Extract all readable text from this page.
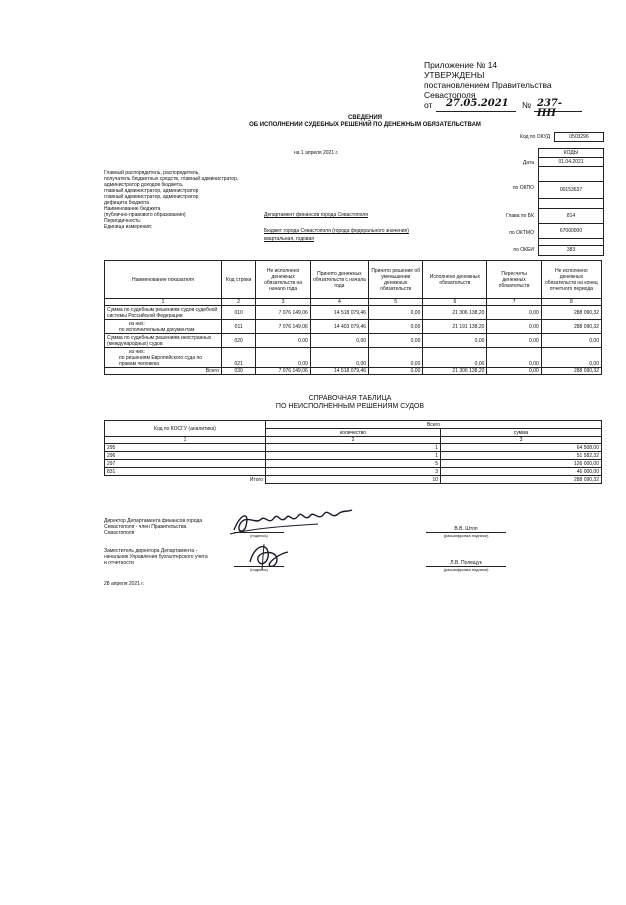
Приложение № 14
УТВЕРЖДЕНЫ
постановлением Правительства
Севастополя
от 27.05.2021 № 237-ПП
СВЕДЕНИЯ
ОБ ИСПОЛНЕНИИ СУДЕБНЫХ РЕШЕНИЙ ПО ДЕНЕЖНЫМ ОБЯЗАТЕЛЬСТВАМ
на 1 апреля 2021 г.
Код по ОКУД	0503296
КОДЫ
Дата	01.04.2021
по ОКПО	00153637
Глава по БК	814
по ОКТМО	67000000
по ОКЕИ	383
Главный распорядитель, распорядитель,
получатель бюджетных средств, главный администратор,
администратор доходов бюджета,
главный администратор, администратор
главный администратор, администратор
дефицита бюджета
Наименование бюджета
(публично-правового образования)
Периодичность:
Единица измерения:
Департамент финансов города Севастополя
Бюджет города Севастополя (города федерального значения)
квартальная, годовая
Наименование показателя	Код строки	Не исполнено денежных обязательств на начало года	Принято денежных обязательств с начала года	Принято решение об уменьшении денежных обязательств	Исполнено денежных обязательств	Пересчеты денежных обязательств	Не исполнено денежных обязательств на конец отчетного периода
1	2	3	4	5	6	7	8
Сумма по судебным решениям судов судебной системы Российской Федерации	010	7 076 149,06	14 518 079,46	0,00	21 306 138,20	0,00	288 090,32

из них:
по исполнительным документам	011	7 076 149,06	14 403 079,46	0,00	21 191 138,20	0,00	288 090,32
Сумма по судебным решениям иностранных (международных) судов	020	0,00	0,00	0,00	0,00	0,00	0,00

из них:
по решениям Европейского суда по правам человека	021	0,00	0,00	0,00	0,00	0,00	0,00
Всего	030	7 076 149,06	14 518 079,46	0,00	21 306 138,20	0,00	288 090,32
СПРАВОЧНАЯ ТАБЛИЦА
ПО НЕИСПОЛНЕННЫМ РЕШЕНИЯМ СУДОВ
Код по КОСГУ (аналитика)	Всего	
	количество	сумма
1	2	3
295	1	64 508,00
296	1	51 582,32
297	5	126 000,00
831	3	46 000,00
Итого	10	288 090,32
Директор Департамента финансов города
Севастополя - член Правительства
Севастополя	(подпись)
В.В. Штоп
(расшифровка подписи)
Заместитель директора Департамента -
начальник Управления бухгалтерского учета
и отчетности
(подпись)
Л.В. Полещук
(расшифровка подписи)
28 апреля 2021 г.
